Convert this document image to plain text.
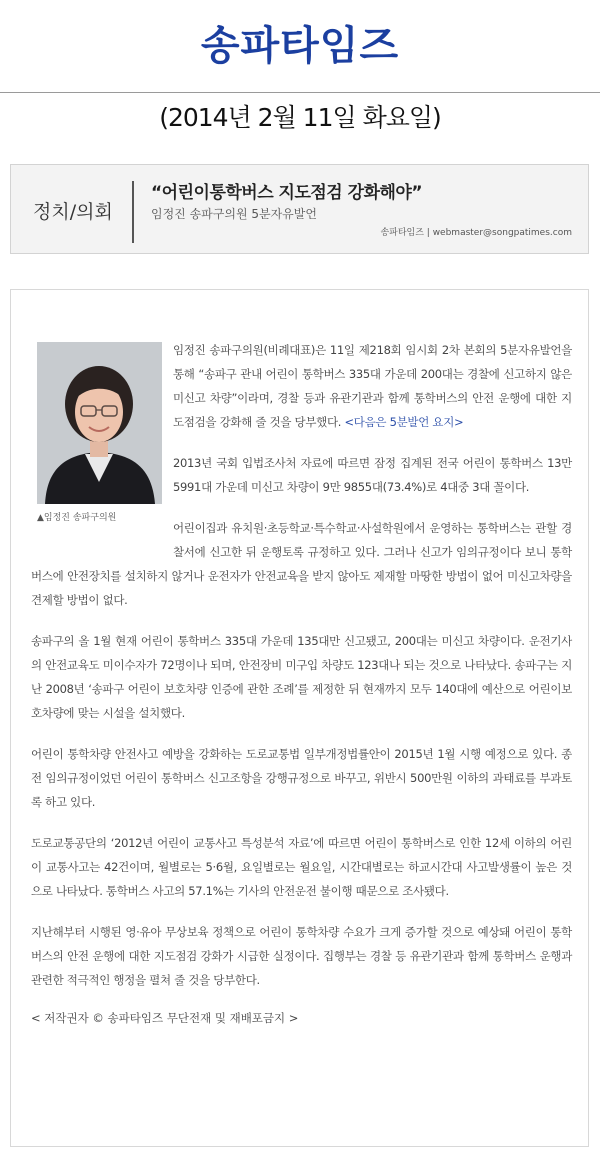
송파타임즈
(2014년 2월 11일 화요일)
정치/의회
“어린이통학버스 지도점검 강화해야”
임정진 송파구의원 5분자유발언
송파타임즈 | webmaster@songpatimes.com
▲임정진 송파구의원

임정진 송파구의원(비례대표)은 11일 제218회 임시회 2차 본회의 5분자유발언을 통해 “송파구 관내 어린이 통학버스 335대 가운데 200대는 경찰에 신고하지 않은 미신고 차량”이라며, 경찰 등과 유관기관과 함께 통학버스의 안전 운행에 대한 지도점검을 강화해 줄 것을 당부했다. <다음은 5분발언 요지>

2013년 국회 입법조사처 자료에 따르면 잠정 집계된 전국 어린이 통학버스 13만5991대 가운데 미신고 차량이 9만 9855대(73.4%)로 4대중 3대 꼴이다.

어린이집과 유치원·초등학교·특수학교·사설학원에서 운영하는 통학버스는 관할 경찰서에 신고한 뒤 운행토록 규정하고 있다. 그러나 신고가 임의규정이다 보니 통학버스에 안전장치를 설치하지 않거나 운전자가 안전교육을 받지 않아도 제재할 마땅한 방법이 없어 미신고차량을 견제할 방법이 없다.

송파구의 올 1월 현재 어린이 통학버스 335대 가운데 135대만 신고됐고, 200대는 미신고 차량이다. 운전기사의 안전교육도 미이수자가 72명이나 되며, 안전장비 미구입 차량도 123대나 되는 것으로 나타났다. 송파구는 지난 2008년 ‘송파구 어린이 보호차량 인증에 관한 조례’를 제정한 뒤 현재까지 모두 140대에 예산으로 어린이보호차량에 맞는 시설을 설치했다.

어린이 통학차량 안전사고 예방을 강화하는 도로교통법 일부개정법률안이 2015년 1월 시행 예정으로 있다. 종전 임의규정이었던 어린이 통학버스 신고조항을 강행규정으로 바꾸고, 위반시 500만원 이하의 과태료를 부과토록 하고 있다.

도로교통공단의 ‘2012년 어린이 교통사고 특성분석 자료’에 따르면 어린이 통학버스로 인한 12세 이하의 어린이 교통사고는 42건이며, 월별로는 5·6월, 요일별로는 월요일, 시간대별로는 하교시간대 사고발생률이 높은 것으로 나타났다. 통학버스 사고의 57.1%는 기사의 안전운전 불이행 때문으로 조사됐다.

지난해부터 시행된 영·유아 무상보육 정책으로 어린이 통학차량 수요가 크게 증가할 것으로 예상돼 어린이 통학버스의 안전 운행에 대한 지도점검 강화가 시급한 실정이다. 집행부는 경찰 등 유관기관과 함께 통학버스 운행과 관련한 적극적인 행정을 펼쳐 줄 것을 당부한다.

< 저작권자 © 송파타임즈 무단전재 및 재배포금지 >
